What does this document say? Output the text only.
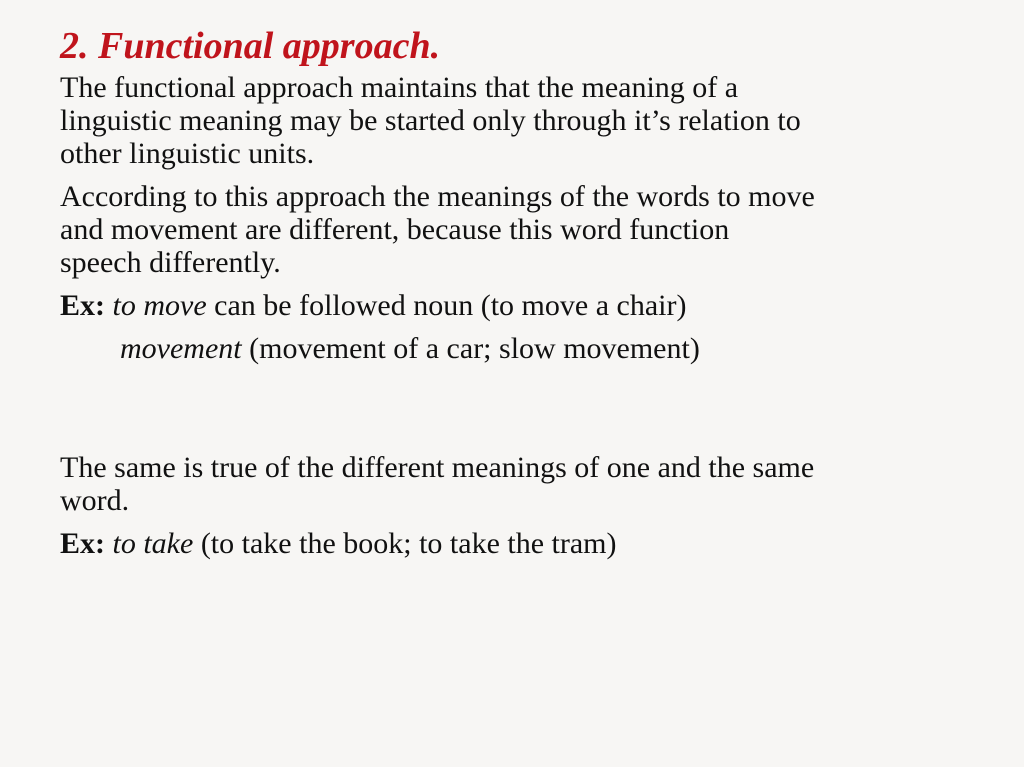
2. Functional approach.
The functional approach maintains that the meaning of a
linguistic meaning may be started only through it’s relation to
other linguistic units.
According to this approach the meanings of the words to move
and movement are different, because this word function
speech differently.
Ex: to move can be followed noun (to move a chair)
movement (movement of a car; slow movement)
The same is true of the different meanings of one and the same
word.
Ex: to take (to take the book; to take the tram)
